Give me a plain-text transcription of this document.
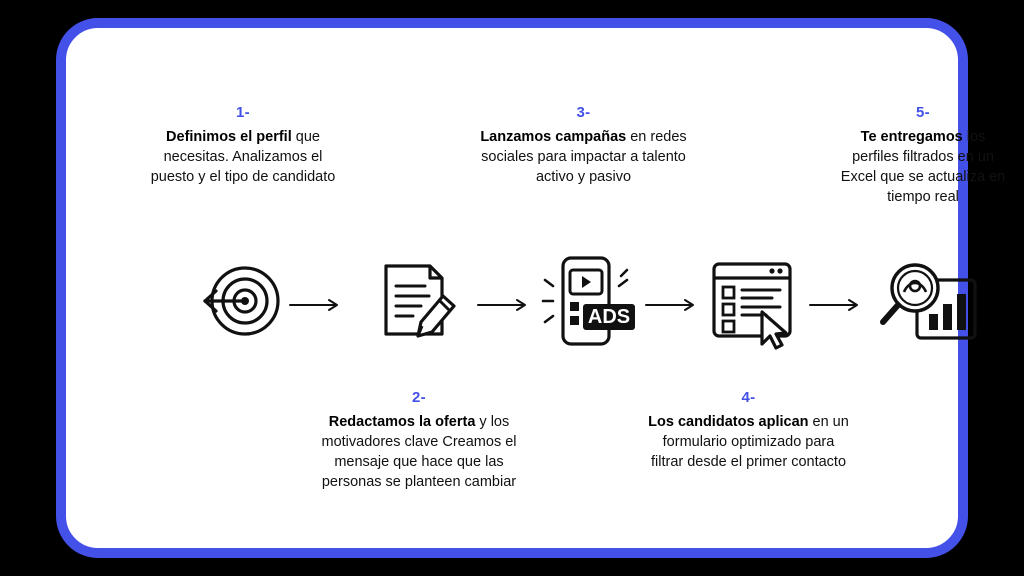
1-
Definimos el perfil que necesitas. Analizamos el puesto y el tipo de candidato
2-
Redactamos la oferta y los motivadores clave Creamos el mensaje que hace que las personas se planteen cambiar
3-
Lanzamos campañas en redes sociales para impactar a talento activo y pasivo
4-
Los candidatos aplican en un formulario optimizado para filtrar desde el primer contacto
5-
Te entregamos los perfiles filtrados en un Excel que se actualiza en tiempo real
ADS
